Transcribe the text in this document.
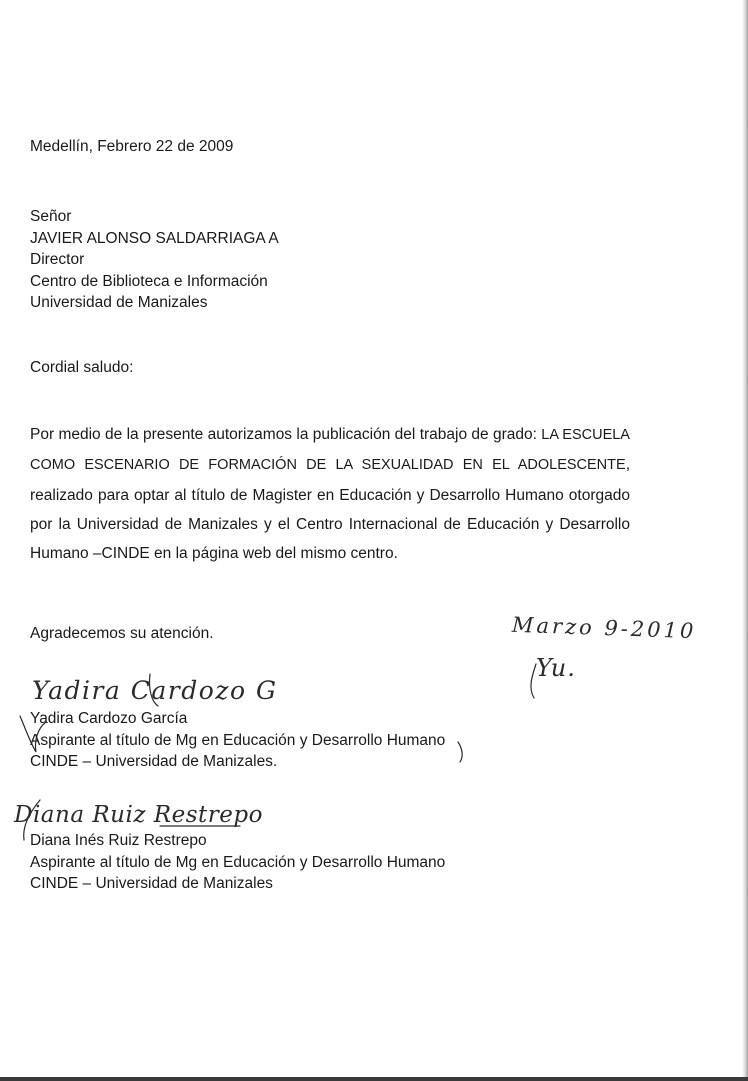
Medellín, Febrero 22 de 2009
Señor
JAVIER ALONSO SALDARRIAGA A
Director
Centro de Biblioteca e Información
Universidad de Manizales
Cordial saludo:
Por medio de la presente autorizamos la publicación del trabajo de grado: LA ESCUELA COMO ESCENARIO DE FORMACIÓN DE LA SEXUALIDAD EN EL ADOLESCENTE, realizado para optar al título de Magister en Educación y Desarrollo Humano otorgado por la Universidad de Manizales y el Centro Internacional de Educación y Desarrollo Humano –CINDE en la página web del mismo centro.
Agradecemos su atención.	Marzo 9-2010
Yu.
Yadira Cardozo G
Yadira Cardozo García
Aspirante al título de Mg en Educación y Desarrollo Humano
CINDE – Universidad de Manizales.
Diana Ruiz Restrepo
Diana Inés Ruiz Restrepo
Aspirante al título de Mg en Educación y Desarrollo Humano
CINDE – Universidad de Manizales
